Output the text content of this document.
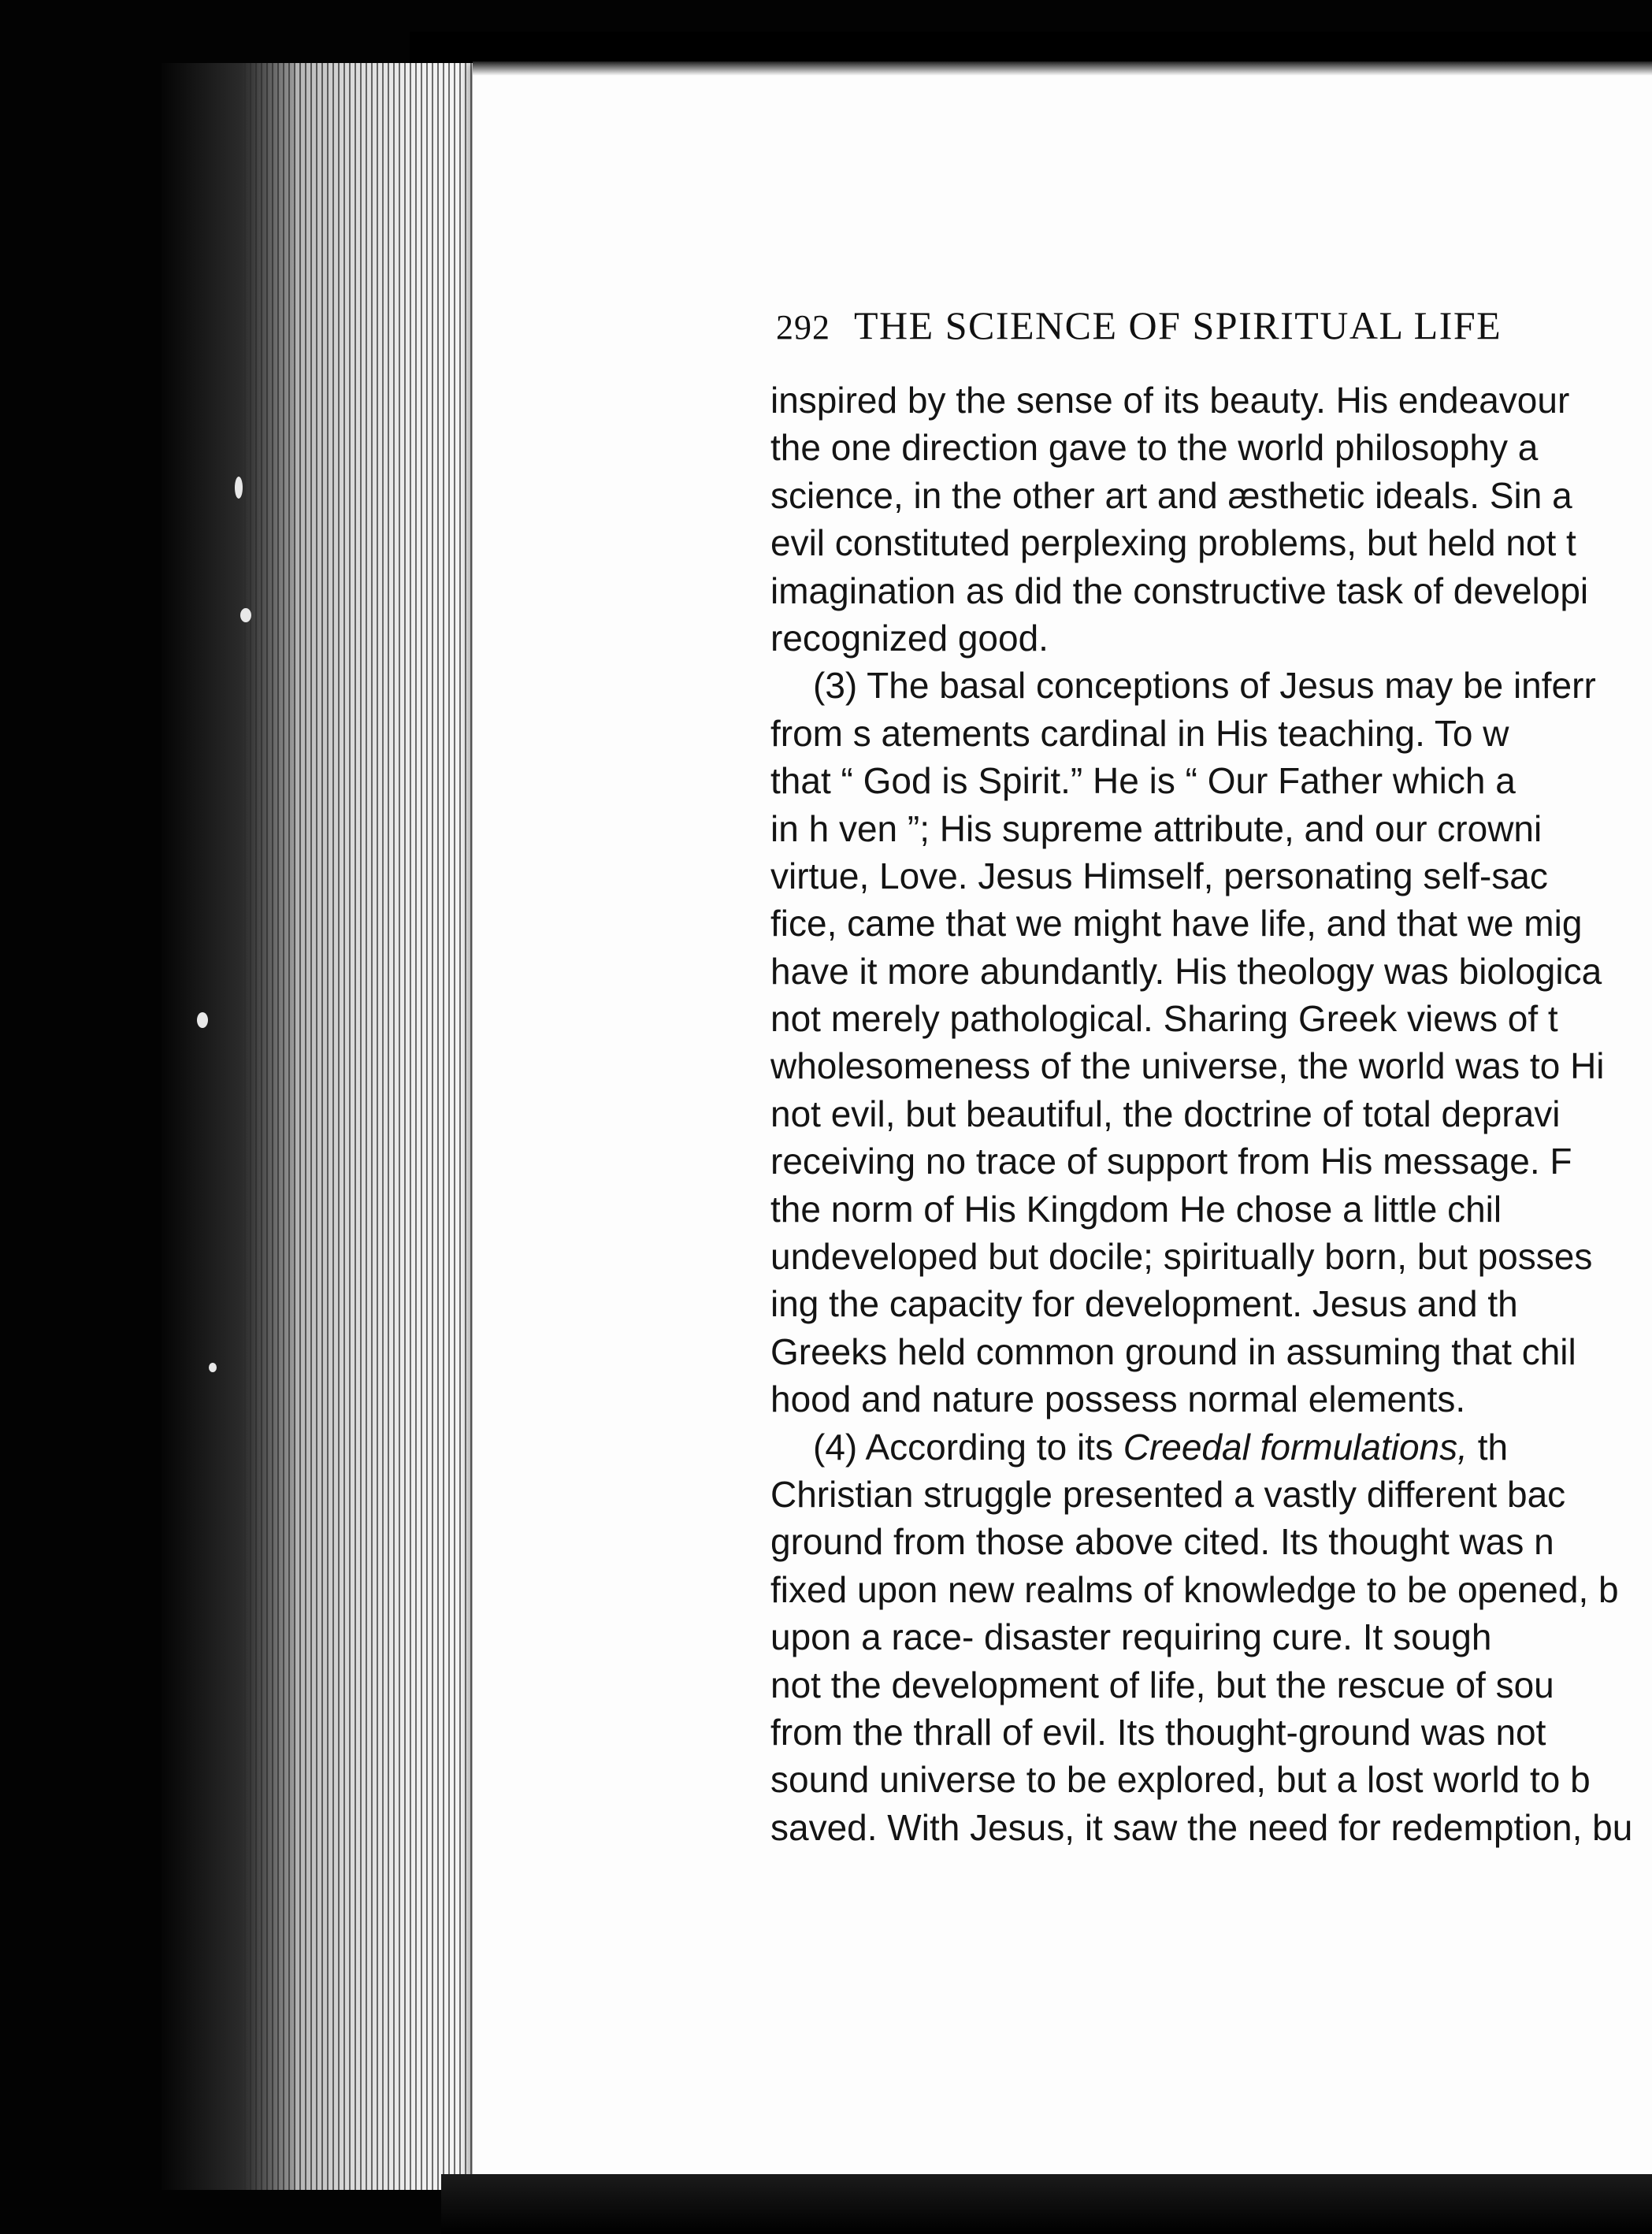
292 THE SCIENCE OF SPIRITUAL LIFE
inspired by the sense of its beauty. His endeavour
the one direction gave to the world philosophy a
science, in the other art and æsthetic ideals. Sin a
evil constituted perplexing problems, but held not t
imagination as did the constructive task of developi
recognized good.
(3) The basal conceptions of Jesus may be inferr
from s atements cardinal in His teaching. To w
that “ God is Spirit.” He is “ Our Father which a
in h ven ”; His supreme attribute, and our crowni
virtue, Love. Jesus Himself, personating self-sac
fice, came that we might have life, and that we mig
have it more abundantly. His theology was biologica
not merely pathological. Sharing Greek views of t
wholesomeness of the universe, the world was to Hi
not evil, but beautiful, the doctrine of total depravi
receiving no trace of support from His message. F
the norm of His Kingdom He chose a little chil
undeveloped but docile; spiritually born, but posses
ing the capacity for development. Jesus and th
Greeks held common ground in assuming that chil
hood and nature possess normal elements.
(4) According to its Creedal formulations, th
Christian struggle presented a vastly different bac
ground from those above cited. Its thought was n
fixed upon new realms of knowledge to be opened, b
upon a race- disaster requiring cure. It sough
not the development of life, but the rescue of sou
from the thrall of evil. Its thought-ground was not
sound universe to be explored, but a lost world to b
saved. With Jesus, it saw the need for redemption, bu
